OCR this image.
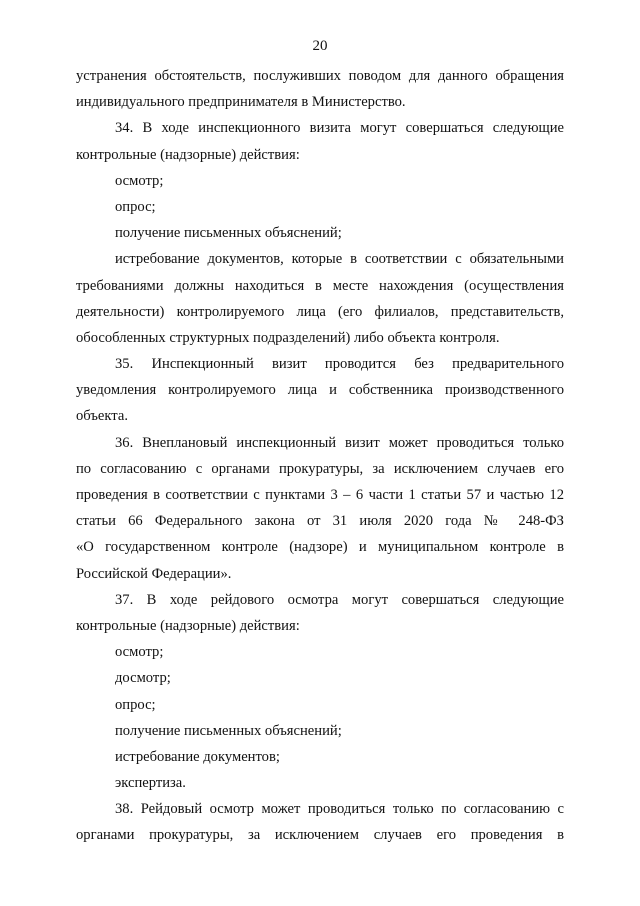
20
устранения обстоятельств, послуживших поводом для данного обращения
индивидуального предпринимателя в Министерство.
34. В ходе инспекционного визита могут совершаться следующие
контрольные (надзорные) действия:
осмотр;
опрос;
получение письменных объяснений;
истребование документов, которые в соответствии с обязательными
требованиями должны находиться в месте нахождения (осуществления
деятельности) контролируемого лица (его филиалов, представительств,
обособленных структурных подразделений) либо объекта контроля.
35. Инспекционный визит проводится без предварительного
уведомления контролируемого лица и собственника производственного
объекта.
36. Внеплановый инспекционный визит может проводиться только
по согласованию с органами прокуратуры, за исключением случаев его
проведения в соответствии с пунктами 3 – 6 части 1 статьи 57 и частью 12
статьи 66 Федерального закона от 31 июля 2020 года № 248-ФЗ
«О государственном контроле (надзоре) и муниципальном контроле в
Российской Федерации».
37. В ходе рейдового осмотра могут совершаться следующие
контрольные (надзорные) действия:
осмотр;
досмотр;
опрос;
получение письменных объяснений;
истребование документов;
экспертиза.
38. Рейдовый осмотр может проводиться только по согласованию с
органами прокуратуры, за исключением случаев его проведения в
